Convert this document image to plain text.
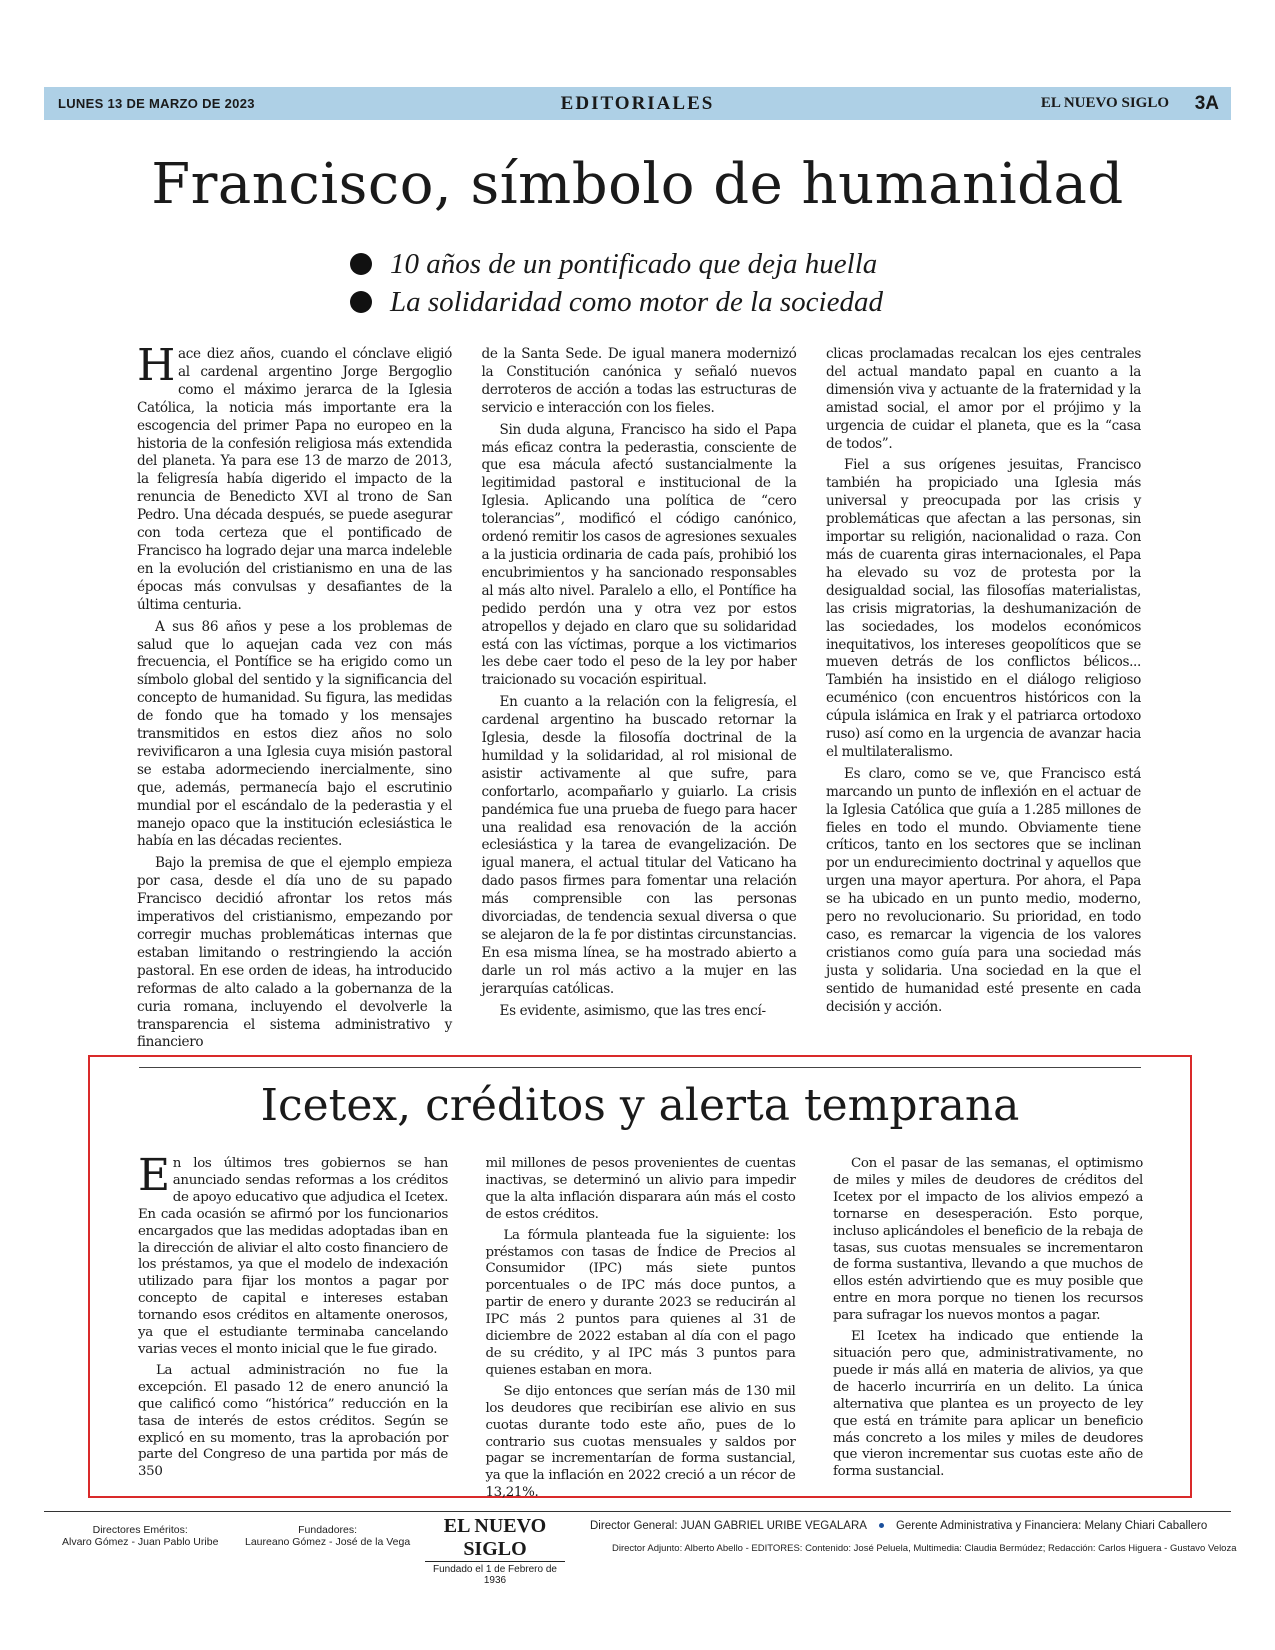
LUNES 13 DE MARZO DE 2023	EDITORIALES	EL NUEVO SIGLO 3A
Francisco, símbolo de humanidad
10 años de un pontificado que deja huella
La solidaridad como motor de la sociedad

Hace diez años, cuando el cónclave eligió al cardenal argentino Jorge Bergoglio como el máximo jerarca de la Iglesia Católica, la noticia más importante era la escogencia del primer Papa no europeo en la historia de la confesión religiosa más extendida del planeta. Ya para ese 13 de marzo de 2013, la feligresía había digerido el impacto de la renuncia de Benedicto XVI al trono de San Pedro. Una década después, se puede asegurar con toda certeza que el pontificado de Francisco ha logrado dejar una marca indeleble en la evolución del cristianismo en una de las épocas más convulsas y desafiantes de la última centuria.

A sus 86 años y pese a los problemas de salud que lo aquejan cada vez con más frecuencia, el Pontífice se ha erigido como un símbolo global del sentido y la significancia del concepto de humanidad. Su figura, las medidas de fondo que ha tomado y los mensajes transmitidos en estos diez años no solo revivificaron a una Iglesia cuya misión pastoral se estaba adormeciendo inercialmente, sino que, además, permanecía bajo el escrutinio mundial por el escándalo de la pederastia y el manejo opaco que la institución eclesiástica le había en las décadas recientes.

Bajo la premisa de que el ejemplo empieza por casa, desde el día uno de su papado Francisco decidió afrontar los retos más imperativos del cristianismo, empezando por corregir muchas problemáticas internas que estaban limitando o restringiendo la acción pastoral. En ese orden de ideas, ha introducido reformas de alto calado a la gobernanza de la curia romana, incluyendo el devolverle la transparencia el sistema administrativo y financiero

de la Santa Sede. De igual manera modernizó la Constitución canónica y señaló nuevos derroteros de acción a todas las estructuras de servicio e interacción con los fieles.

Sin duda alguna, Francisco ha sido el Papa más eficaz contra la pederastia, consciente de que esa mácula afectó sustancialmente la legitimidad pastoral e institucional de la Iglesia. Aplicando una política de “cero tolerancias”, modificó el código canónico, ordenó remitir los casos de agresiones sexuales a la justicia ordinaria de cada país, prohibió los encubrimientos y ha sancionado responsables al más alto nivel. Paralelo a ello, el Pontífice ha pedido perdón una y otra vez por estos atropellos y dejado en claro que su solidaridad está con las víctimas, porque a los victimarios les debe caer todo el peso de la ley por haber traicionado su vocación espiritual.

En cuanto a la relación con la feligresía, el cardenal argentino ha buscado retornar la Iglesia, desde la filosofía doctrinal de la humildad y la solidaridad, al rol misional de asistir activamente al que sufre, para confortarlo, acompañarlo y guiarlo. La crisis pandémica fue una prueba de fuego para hacer una realidad esa renovación de la acción eclesiástica y la tarea de evangelización. De igual manera, el actual titular del Vaticano ha dado pasos firmes para fomentar una relación más comprensible con las personas divorciadas, de tendencia sexual diversa o que se alejaron de la fe por distintas circunstancias. En esa misma línea, se ha mostrado abierto a darle un rol más activo a la mujer en las jerarquías católicas.

Es evidente, asimismo, que las tres encí-

clicas proclamadas recalcan los ejes centrales del actual mandato papal en cuanto a la dimensión viva y actuante de la fraternidad y la amistad social, el amor por el prójimo y la urgencia de cuidar el planeta, que es la “casa de todos”.

Fiel a sus orígenes jesuitas, Francisco también ha propiciado una Iglesia más universal y preocupada por las crisis y problemáticas que afectan a las personas, sin importar su religión, nacionalidad o raza. Con más de cuarenta giras internacionales, el Papa ha elevado su voz de protesta por la desigualdad social, las filosofías materialistas, las crisis migratorias, la deshumanización de las sociedades, los modelos económicos inequitativos, los intereses geopolíticos que se mueven detrás de los conflictos bélicos... También ha insistido en el diálogo religioso ecuménico (con encuentros históricos con la cúpula islámica en Irak y el patriarca ortodoxo ruso) así como en la urgencia de avanzar hacia el multilateralismo.

Es claro, como se ve, que Francisco está marcando un punto de inflexión en el actuar de la Iglesia Católica que guía a 1.285 millones de fieles en todo el mundo. Obviamente tiene críticos, tanto en los sectores que se inclinan por un endurecimiento doctrinal y aquellos que urgen una mayor apertura. Por ahora, el Papa se ha ubicado en un punto medio, moderno, pero no revolucionario. Su prioridad, en todo caso, es remarcar la vigencia de los valores cristianos como guía para una sociedad más justa y solidaria. Una sociedad en la que el sentido de humanidad esté presente en cada decisión y acción.

Icetex, créditos y alerta temprana

En los últimos tres gobiernos se han anunciado sendas reformas a los créditos de apoyo educativo que adjudica el Icetex. En cada ocasión se afirmó por los funcionarios encargados que las medidas adoptadas iban en la dirección de aliviar el alto costo financiero de los préstamos, ya que el modelo de indexación utilizado para fijar los montos a pagar por concepto de capital e intereses estaban tornando esos créditos en altamente onerosos, ya que el estudiante terminaba cancelando varias veces el monto inicial que le fue girado.

La actual administración no fue la excepción. El pasado 12 de enero anunció la que calificó como “histórica” reducción en la tasa de interés de estos créditos. Según se explicó en su momento, tras la aprobación por parte del Congreso de una partida por más de 350

mil millones de pesos provenientes de cuentas inactivas, se determinó un alivio para impedir que la alta inflación disparara aún más el costo de estos créditos.

La fórmula planteada fue la siguiente: los préstamos con tasas de Índice de Precios al Consumidor (IPC) más siete puntos porcentuales o de IPC más doce puntos, a partir de enero y durante 2023 se reducirán al IPC más 2 puntos para quienes al 31 de diciembre de 2022 estaban al día con el pago de su crédito, y al IPC más 3 puntos para quienes estaban en mora.

Se dijo entonces que serían más de 130 mil los deudores que recibirían ese alivio en sus cuotas durante todo este año, pues de lo contrario sus cuotas mensuales y saldos por pagar se incrementarían de forma sustancial, ya que la inflación en 2022 creció a un récor de 13,21%.

Con el pasar de las semanas, el optimismo de miles y miles de deudores de créditos del Icetex por el impacto de los alivios empezó a tornarse en desesperación. Esto porque, incluso aplicándoles el beneficio de la rebaja de tasas, sus cuotas mensuales se incrementaron de forma sustantiva, llevando a que muchos de ellos estén advirtiendo que es muy posible que entre en mora porque no tienen los recursos para sufragar los nuevos montos a pagar.

El Icetex ha indicado que entiende la situación pero que, administrativamente, no puede ir más allá en materia de alivios, ya que de hacerlo incurriría en un delito. La única alternativa que plantea es un proyecto de ley que está en trámite para aplicar un beneficio más concreto a los miles y miles de deudores que vieron incrementar sus cuotas este año de forma sustancial.

Directores Eméritos:
Alvaro Gómez - Juan Pablo Uribe
Fundadores:
Laureano Gómez - José de la Vega
EL NUEVO SIGLO
Fundado el 1 de Febrero de 1936
Director General: JUAN GABRIEL URIBE VEGALARA	Gerente Administrativa y Financiera: Melany Chiari Caballero
Director Adjunto: Alberto Abello - EDITORES: Contenido: José Peluela, Multimedia: Claudia Bermúdez; Redacción: Carlos Higuera - Gustavo Veloza
